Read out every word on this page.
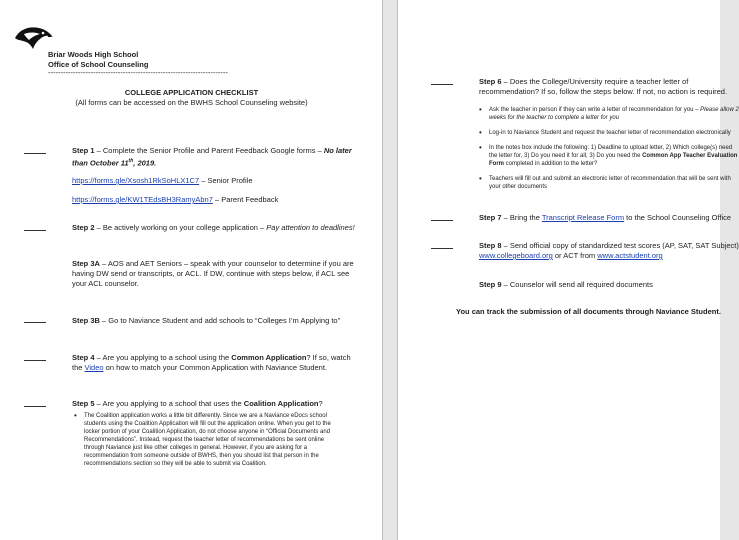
Briar Woods High School
Office of School Counseling
------------------------------------------------------------------------
COLLEGE APPLICATION CHECKLIST
(All forms can be accessed on the BWHS School Counseling website)
Step 1 – Complete the Senior Profile and Parent Feedback Google forms – No later than October 11th, 2019.
https://forms.gle/Xsosh1RkSoHLX1C7 – Senior Profile
https://forms.gle/KW1TEdsBH3RamyAbn7 – Parent Feedback
Step 2 – Be actively working on your college application – Pay attention to deadlines!
Step 3A – AOS and AET Seniors – speak with your counselor to determine if you are having DW send or transcripts, or ACL. If DW, continue with steps below, if ACL see your ACL counselor.
Step 3B – Go to Naviance Student and add schools to “Colleges I’m Applying to”
Step 4 – Are you applying to a school using the Common Application? If so, watch the Video on how to match your Common Application with Naviance Student.
Step 5 – Are you applying to a school that uses the Coalition Application?
• The Coalition application works a little bit differently. Since we are a Naviance eDocs school students using the Coalition Application will fill out the application online. When you get to the locker portion of your Coalition Application, do not choose anyone in “Official Documents and Recommendations”. Instead, request the teacher letter of recommendations be sent online through Naviance just like other colleges in general. However, if you are asking for a recommendation from someone outside of BWHS, then you should list that person in the recommendations section so they will be able to submit via Coalition.
Step 6 – Does the College/University require a teacher letter of recommendation? If so, follow the steps below. If not, no action is required.
• Ask the teacher in person if they can write a letter of recommendation for you – Please allow 2 weeks for the teacher to complete a letter for you
• Log-in to Naviance Student and request the teacher letter of recommendation electronically
• In the notes box include the following: 1) Deadline to upload letter, 2) Which college(s) need the letter for, 3) Do you need it for all, 3) Do you need the Common App Teacher Evaluation Form completed in addition to the letter?
• Teachers will fill out and submit an electronic letter of recommendation that will be sent with your other documents
Step 7 – Bring the Transcript Release Form to the School Counseling Office
Step 8 – Send official copy of standardized test scores (AP, SAT, SAT Subject)
www.collegeboard.org or ACT from www.actstudent.org
Step 9 – Counselor will send all required documents
You can track the submission of all documents through Naviance Student.
